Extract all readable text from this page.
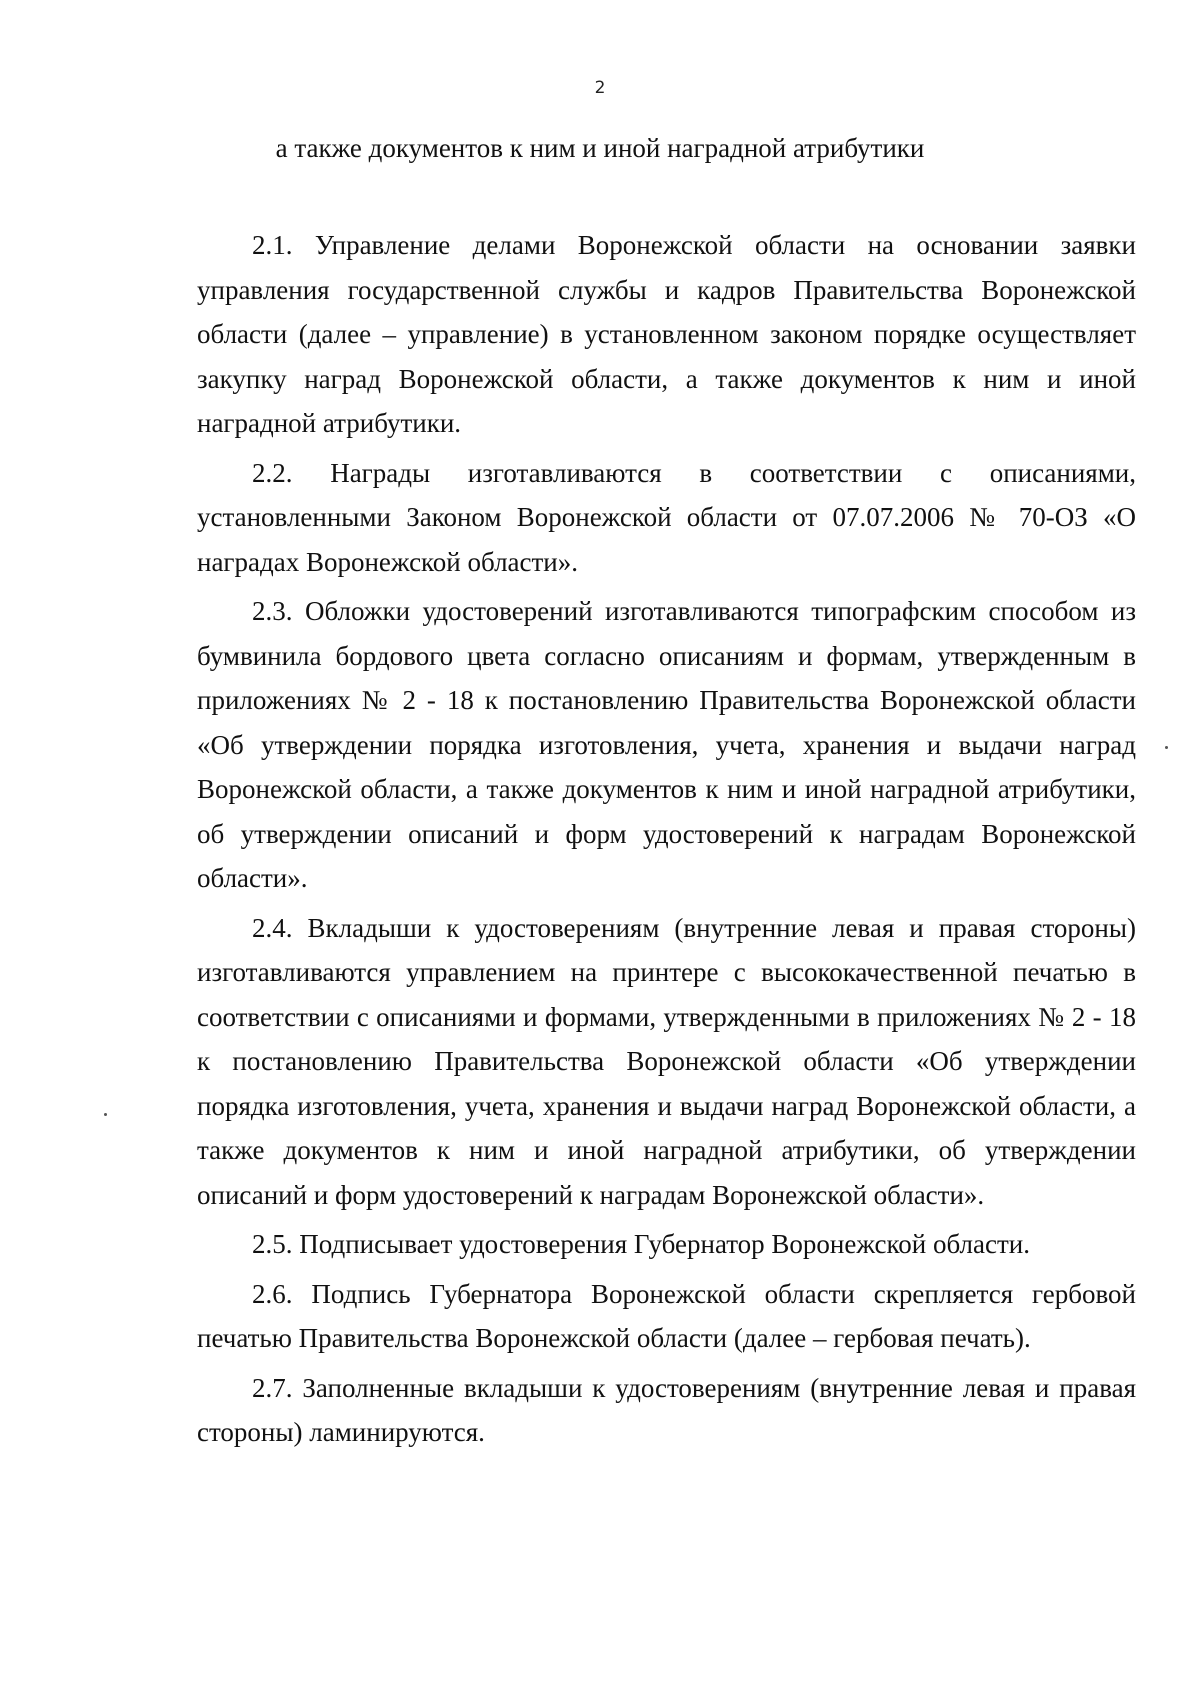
2
а также документов к ним и иной наградной атрибутики

2.1. Управление делами Воронежской области на основании заявки управления государственной службы и кадров Правительства Воронежской области (далее – управление) в установленном законом порядке осуществляет закупку наград Воронежской области, а также документов к ним и иной наградной атрибутики.

2.2. Награды изготавливаются в соответствии с описаниями, установленными Законом Воронежской области от 07.07.2006 № 70-ОЗ «О наградах Воронежской области».

2.3. Обложки удостоверений изготавливаются типографским способом из бумвинила бордового цвета согласно описаниям и формам, утвержденным в приложениях № 2 - 18 к постановлению Правительства Воронежской области «Об утверждении порядка изготовления, учета, хранения и выдачи наград Воронежской области, а также документов к ним и иной наградной атрибутики, об утверждении описаний и форм удостоверений к наградам Воронежской области».

2.4. Вкладыши к удостоверениям (внутренние левая и правая стороны) изготавливаются управлением на принтере с высококачественной печатью в соответствии с описаниями и формами, утвержденными в приложениях № 2 - 18 к постановлению Правительства Воронежской области «Об утверждении порядка изготовления, учета, хранения и выдачи наград Воронежской области, а также документов к ним и иной наградной атрибутики, об утверждении описаний и форм удостоверений к наградам Воронежской области».

2.5. Подписывает удостоверения Губернатор Воронежской области.

2.6. Подпись Губернатора Воронежской области скрепляется гербовой печатью Правительства Воронежской области (далее – гербовая печать).

2.7. Заполненные вкладыши к удостоверениям (внутренние левая и правая стороны) ламинируются.
